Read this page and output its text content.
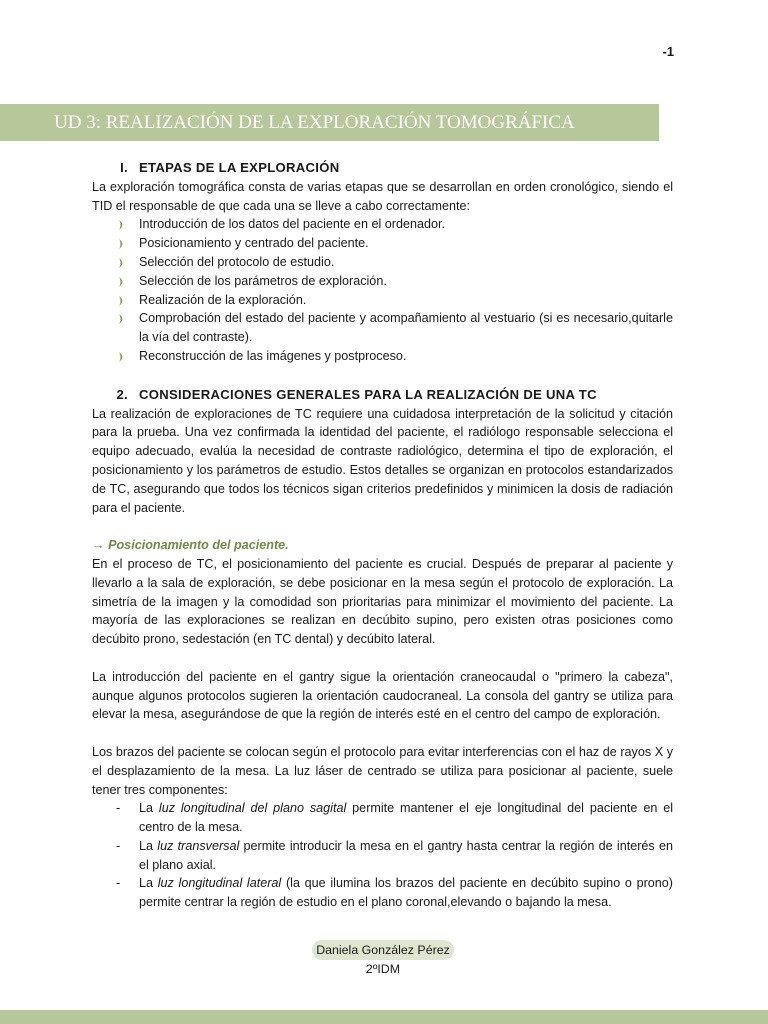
-1
UD 3: REALIZACIÓN DE LA EXPLORACIÓN TOMOGRÁFICA
I. ETAPAS DE LA EXPLORACIÓN

La exploración tomográfica consta de varias etapas que se desarrollan en orden cronológico, siendo el TID el responsable de que cada una se lleve a cabo correctamente:

Introducción de los datos del paciente en el ordenador.
Posicionamiento y centrado del paciente.
Selección del protocolo de estudio.
Selección de los parámetros de exploración.
Realización de la exploración.
Comprobación del estado del paciente y acompañamiento al vestuario (si es necesario,quitarle la vía del contraste).
Reconstrucción de las imágenes y postproceso.
2. CONSIDERACIONES GENERALES PARA LA REALIZACIÓN DE UNA TC

La realización de exploraciones de TC requiere una cuidadosa interpretación de la solicitud y citación para la prueba. Una vez confirmada la identidad del paciente, el radiólogo responsable selecciona el equipo adecuado, evalúa la necesidad de contraste radiológico, determina el tipo de exploración, el posicionamiento y los parámetros de estudio. Estos detalles se organizan en protocolos estandarizados de TC, asegurando que todos los técnicos sigan criterios predefinidos y minimicen la dosis de radiación para el paciente.

→ Posicionamiento del paciente.

En el proceso de TC, el posicionamiento del paciente es crucial. Después de preparar al paciente y llevarlo a la sala de exploración, se debe posicionar en la mesa según el protocolo de exploración. La simetría de la imagen y la comodidad son prioritarias para minimizar el movimiento del paciente. La mayoría de las exploraciones se realizan en decúbito supino, pero existen otras posiciones como decúbito prono, sedestación (en TC dental) y decúbito lateral.

La introducción del paciente en el gantry sigue la orientación craneocaudal o "primero la cabeza", aunque algunos protocolos sugieren la orientación caudocraneal. La consola del gantry se utiliza para elevar la mesa, asegurándose de que la región de interés esté en el centro del campo de exploración.

Los brazos del paciente se colocan según el protocolo para evitar interferencias con el haz de rayos X y el desplazamiento de la mesa. La luz láser de centrado se utiliza para posicionar al paciente, suele tener tres componentes:

-	La luz longitudinal del plano sagital permite mantener el eje longitudinal del paciente en el centro de la mesa.
-	La luz transversal permite introducir la mesa en el gantry hasta centrar la región de interés en el plano axial.
-	La luz longitudinal lateral (la que ilumina los brazos del paciente en decúbito supino o prono) permite centrar la región de estudio en el plano coronal,elevando o bajando la mesa.
Daniela González Pérez
2ºIDM
